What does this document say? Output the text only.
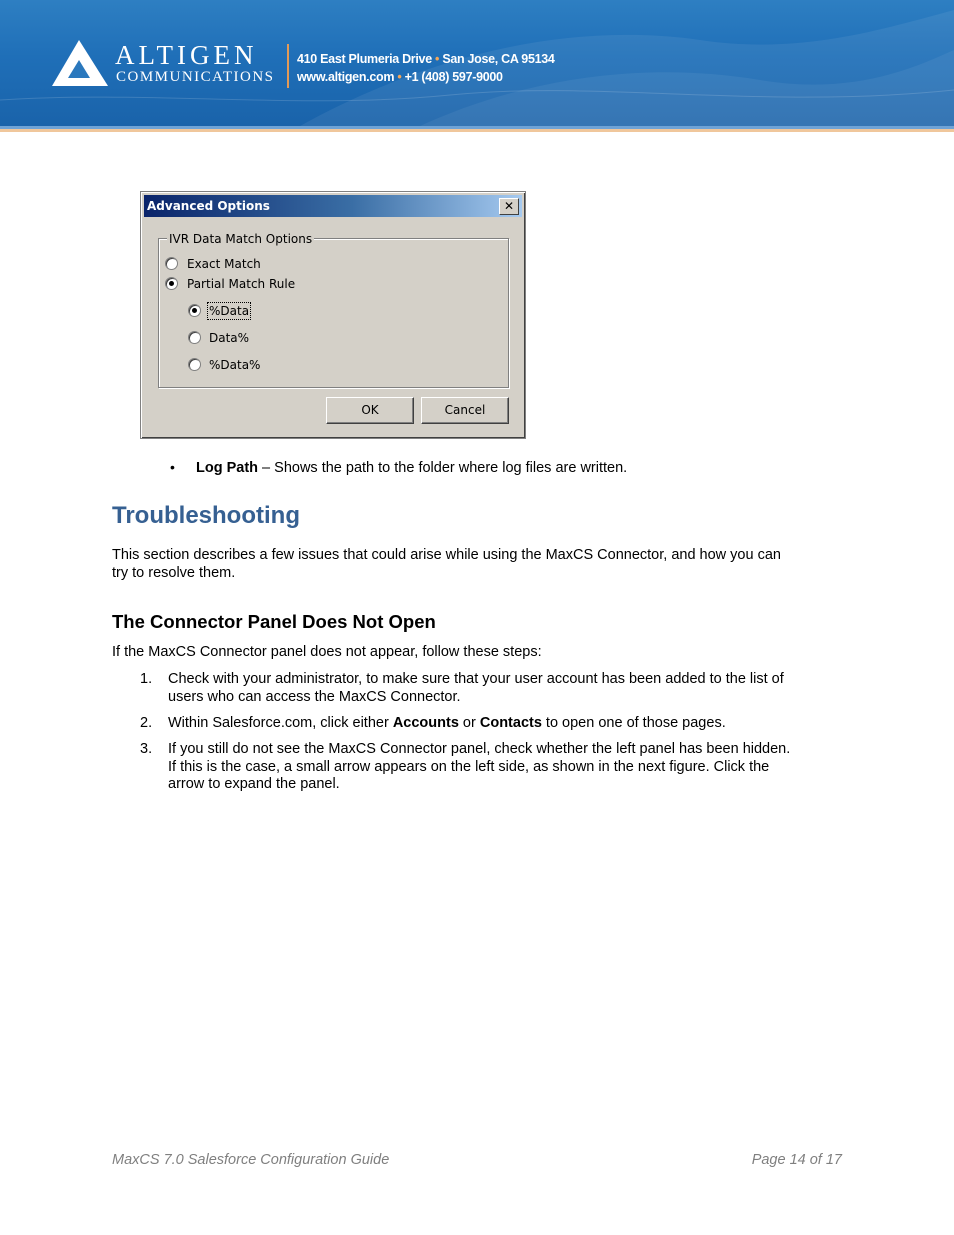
ALTIGEN
COMMUNICATIONS
410 East Plumeria Drive • San Jose, CA 95134
www.altigen.com • +1 (408) 597-9000
Advanced Options	✕
IVR Data Match Options
Exact Match
Partial Match Rule
%Data
Data%
%Data%
OK	Cancel
• Log Path – Shows the path to the folder where log files are written.
Troubleshooting
This section describes a few issues that could arise while using the MaxCS Connector, and how you can
try to resolve them.
The Connector Panel Does Not Open
If the MaxCS Connector panel does not appear, follow these steps:
1. Check with your administrator, to make sure that your user account has been added to the list of
users who can access the MaxCS Connector.
2. Within Salesforce.com, click either Accounts or Contacts to open one of those pages.
3. If you still do not see the MaxCS Connector panel, check whether the left panel has been hidden.
If this is the case, a small arrow appears on the left side, as shown in the next figure. Click the
arrow to expand the panel.
MaxCS 7.0 Salesforce Configuration Guide	Page 14 of 17
